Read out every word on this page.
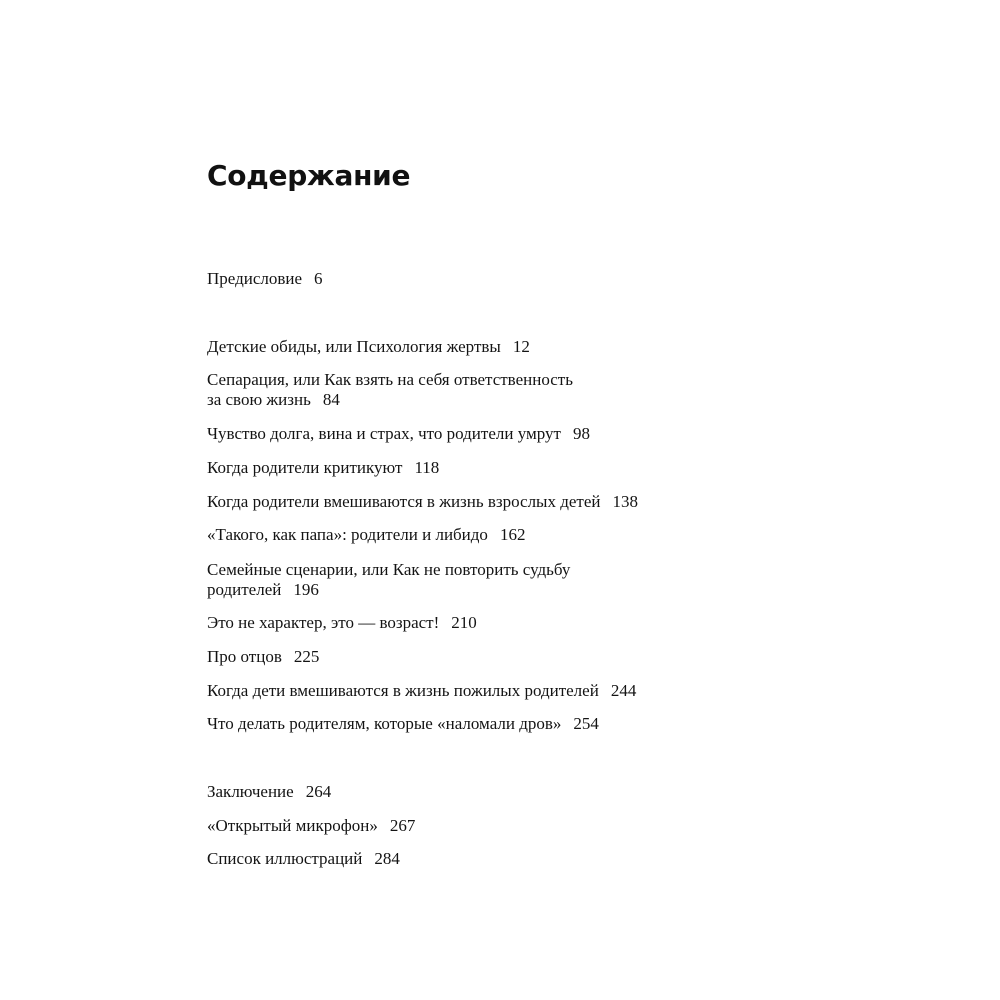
Содержание
Предисловие 6
Детские обиды, или Психология жертвы 12
Сепарация, или Как взять на себя ответственность
за свою жизнь 84
Чувство долга, вина и страх, что родители умрут 98
Когда родители критикуют 118
Когда родители вмешиваются в жизнь взрослых детей 138
«Такого, как папа»: родители и либидо 162
Семейные сценарии, или Как не повторить судьбу
родителей 196
Это не характер, это — возраст! 210
Про отцов 225
Когда дети вмешиваются в жизнь пожилых родителей 244
Что делать родителям, которые «наломали дров» 254
Заключение 264
«Открытый микрофон» 267
Список иллюстраций 284
